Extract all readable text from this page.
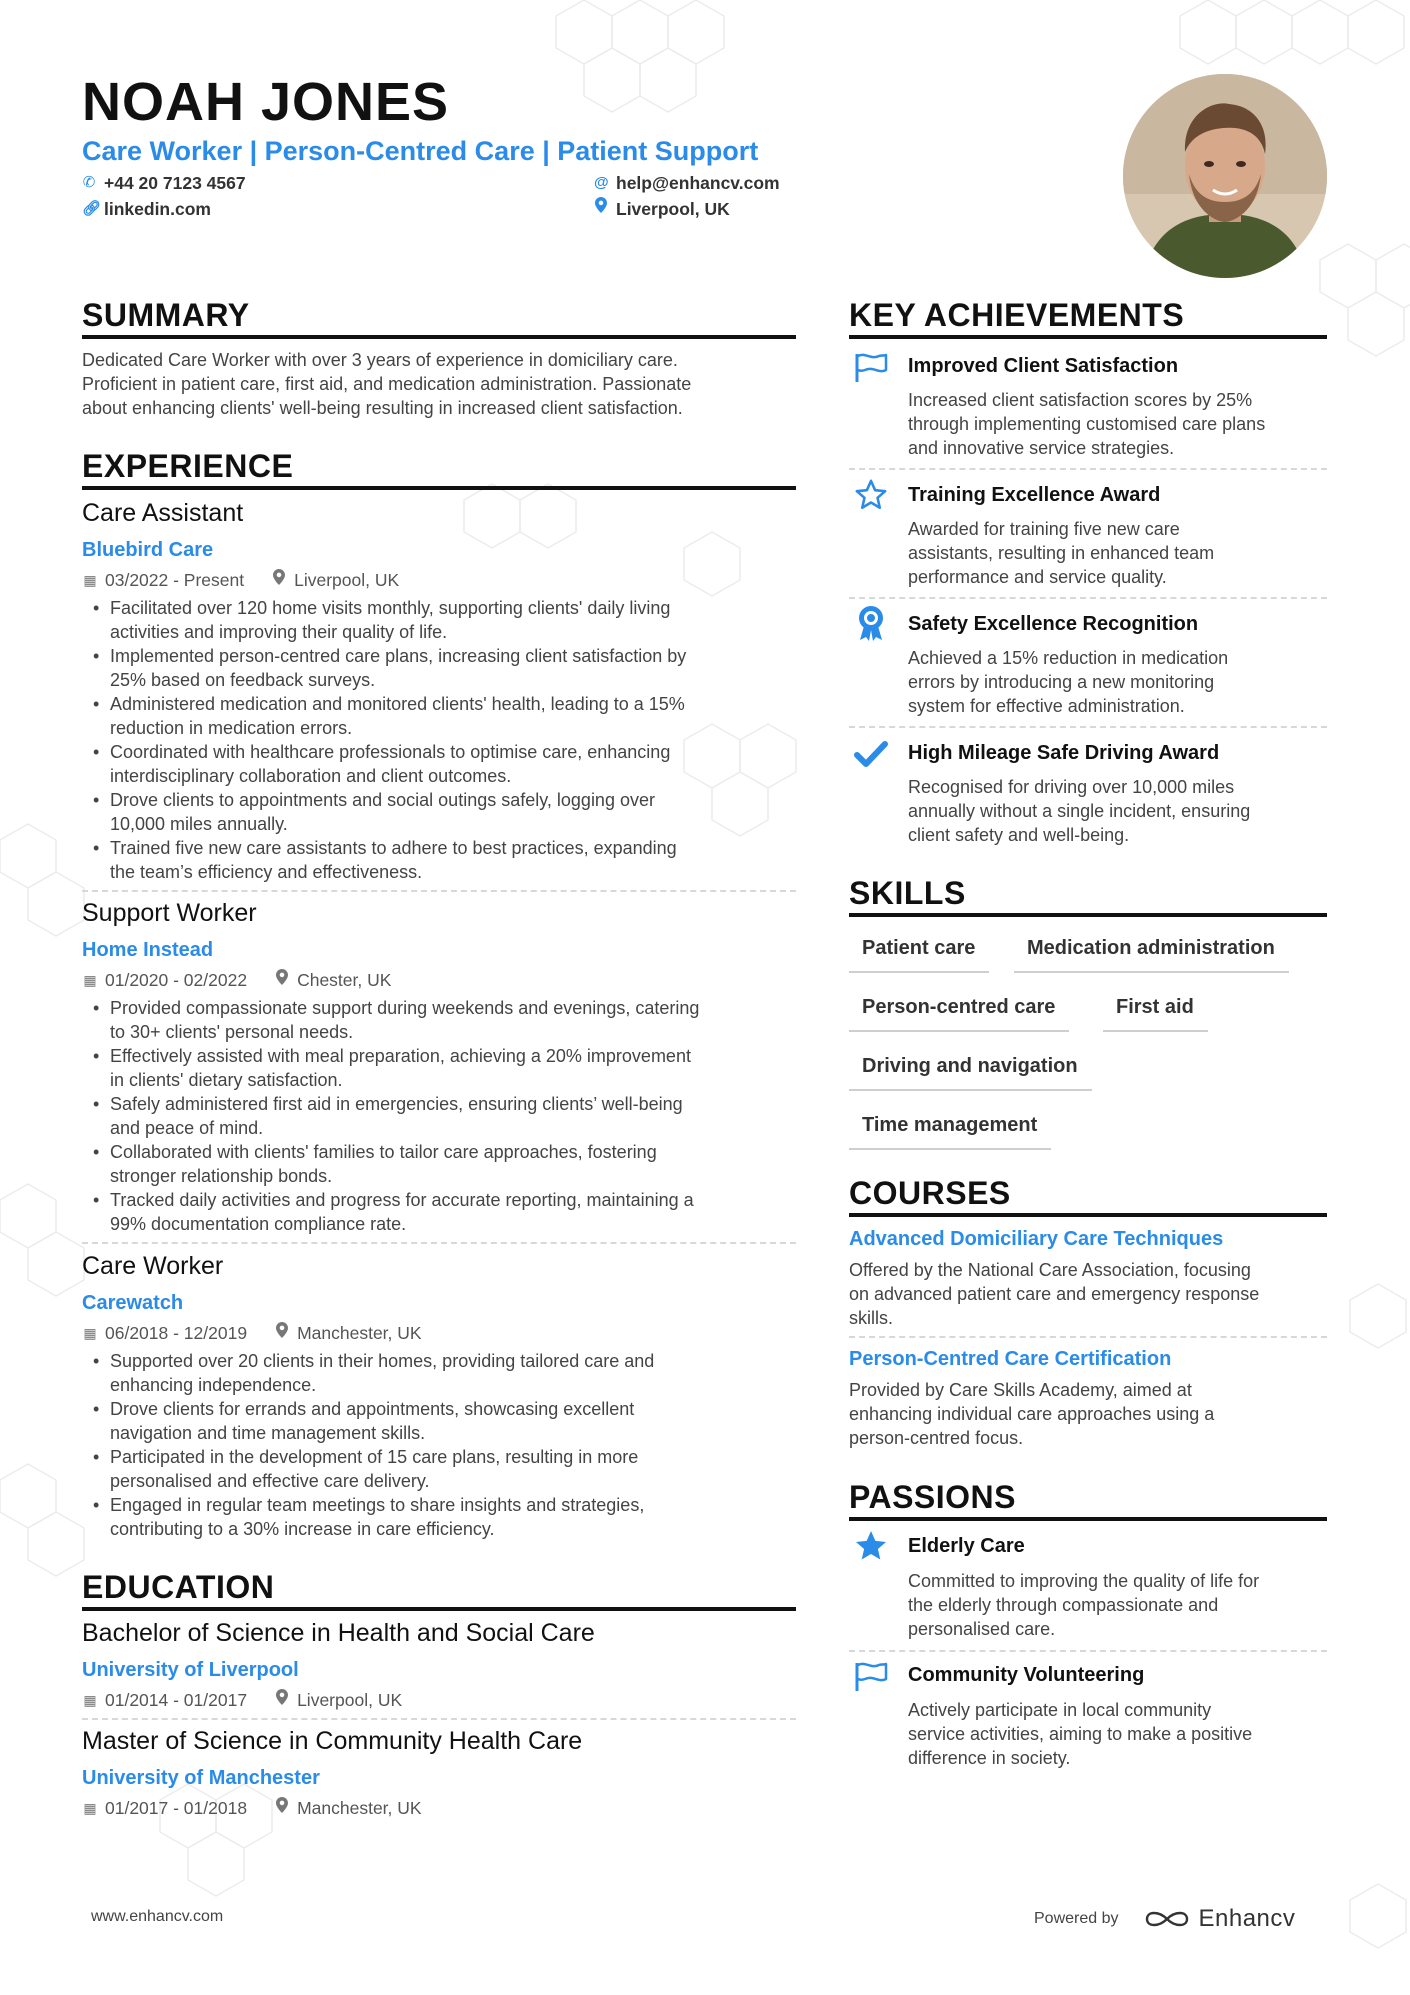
NOAH JONES
Care Worker | Person-Centred Care | Patient Support
✆ +44 20 7123 4567
🔗︎ linkedin.com
@ help@enhancv.com
Liverpool, UK
SUMMARY
Dedicated Care Worker with over 3 years of experience in domiciliary care.
Proficient in patient care, first aid, and medication administration. Passionate
about enhancing clients' well-being resulting in increased client satisfaction.
EXPERIENCE
Care Assistant
Bluebird Care
▦ 03/2022 - Present	Liverpool, UK
• Facilitated over 120 home visits monthly, supporting clients' daily living
activities and improving their quality of life.
• Implemented person-centred care plans, increasing client satisfaction by
25% based on feedback surveys.
• Administered medication and monitored clients' health, leading to a 15%
reduction in medication errors.
• Coordinated with healthcare professionals to optimise care, enhancing
interdisciplinary collaboration and client outcomes.
• Drove clients to appointments and social outings safely, logging over
10,000 miles annually.
• Trained five new care assistants to adhere to best practices, expanding
the team’s efficiency and effectiveness.
Support Worker
Home Instead
▦ 01/2020 - 02/2022	Chester, UK
• Provided compassionate support during weekends and evenings, catering
to 30+ clients' personal needs.
• Effectively assisted with meal preparation, achieving a 20% improvement
in clients' dietary satisfaction.
• Safely administered first aid in emergencies, ensuring clients’ well-being
and peace of mind.
• Collaborated with clients' families to tailor care approaches, fostering
stronger relationship bonds.
• Tracked daily activities and progress for accurate reporting, maintaining a
99% documentation compliance rate.
Care Worker
Carewatch
▦ 06/2018 - 12/2019	Manchester, UK
• Supported over 20 clients in their homes, providing tailored care and
enhancing independence.
• Drove clients for errands and appointments, showcasing excellent
navigation and time management skills.
• Participated in the development of 15 care plans, resulting in more
personalised and effective care delivery.
• Engaged in regular team meetings to share insights and strategies,
contributing to a 30% increase in care efficiency.
EDUCATION
Bachelor of Science in Health and Social Care
University of Liverpool
▦ 01/2014 - 01/2017	Liverpool, UK
Master of Science in Community Health Care
University of Manchester
▦ 01/2017 - 01/2018	Manchester, UK
KEY ACHIEVEMENTS
Improved Client Satisfaction
Increased client satisfaction scores by 25%
through implementing customised care plans
and innovative service strategies.
Training Excellence Award
Awarded for training five new care
assistants, resulting in enhanced team
performance and service quality.
Safety Excellence Recognition
Achieved a 15% reduction in medication
errors by introducing a new monitoring
system for effective administration.
High Mileage Safe Driving Award
Recognised for driving over 10,000 miles
annually without a single incident, ensuring
client safety and well-being.
SKILLS
Patient care	Medication administration
Person-centred care	First aid
Driving and navigation
Time management
COURSES
Advanced Domiciliary Care Techniques
Offered by the National Care Association, focusing
on advanced patient care and emergency response
skills.
Person-Centred Care Certification
Provided by Care Skills Academy, aimed at
enhancing individual care approaches using a
person-centred focus.
PASSIONS
Elderly Care
Committed to improving the quality of life for
the elderly through compassionate and
personalised care.
Community Volunteering
Actively participate in local community
service activities, aiming to make a positive
difference in society.
www.enhancv.com	Powered by	Enhancv
